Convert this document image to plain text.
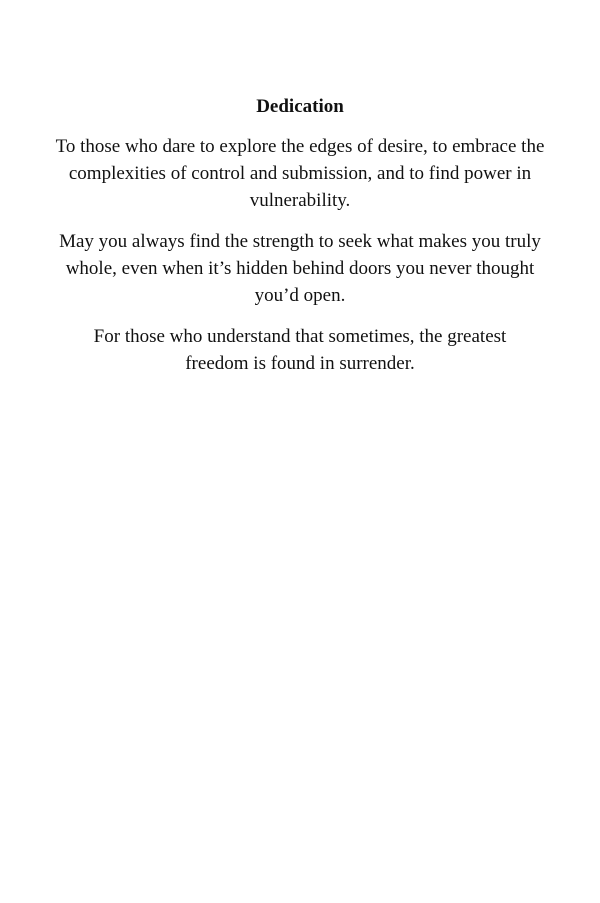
Dedication

To those who dare to explore the edges of desire, to embrace the complexities of control and submission, and to find power in vulnerability.

May you always find the strength to seek what makes you truly whole, even when it’s hidden behind doors you never thought you’d open.

For those who understand that sometimes, the greatest freedom is found in surrender.
